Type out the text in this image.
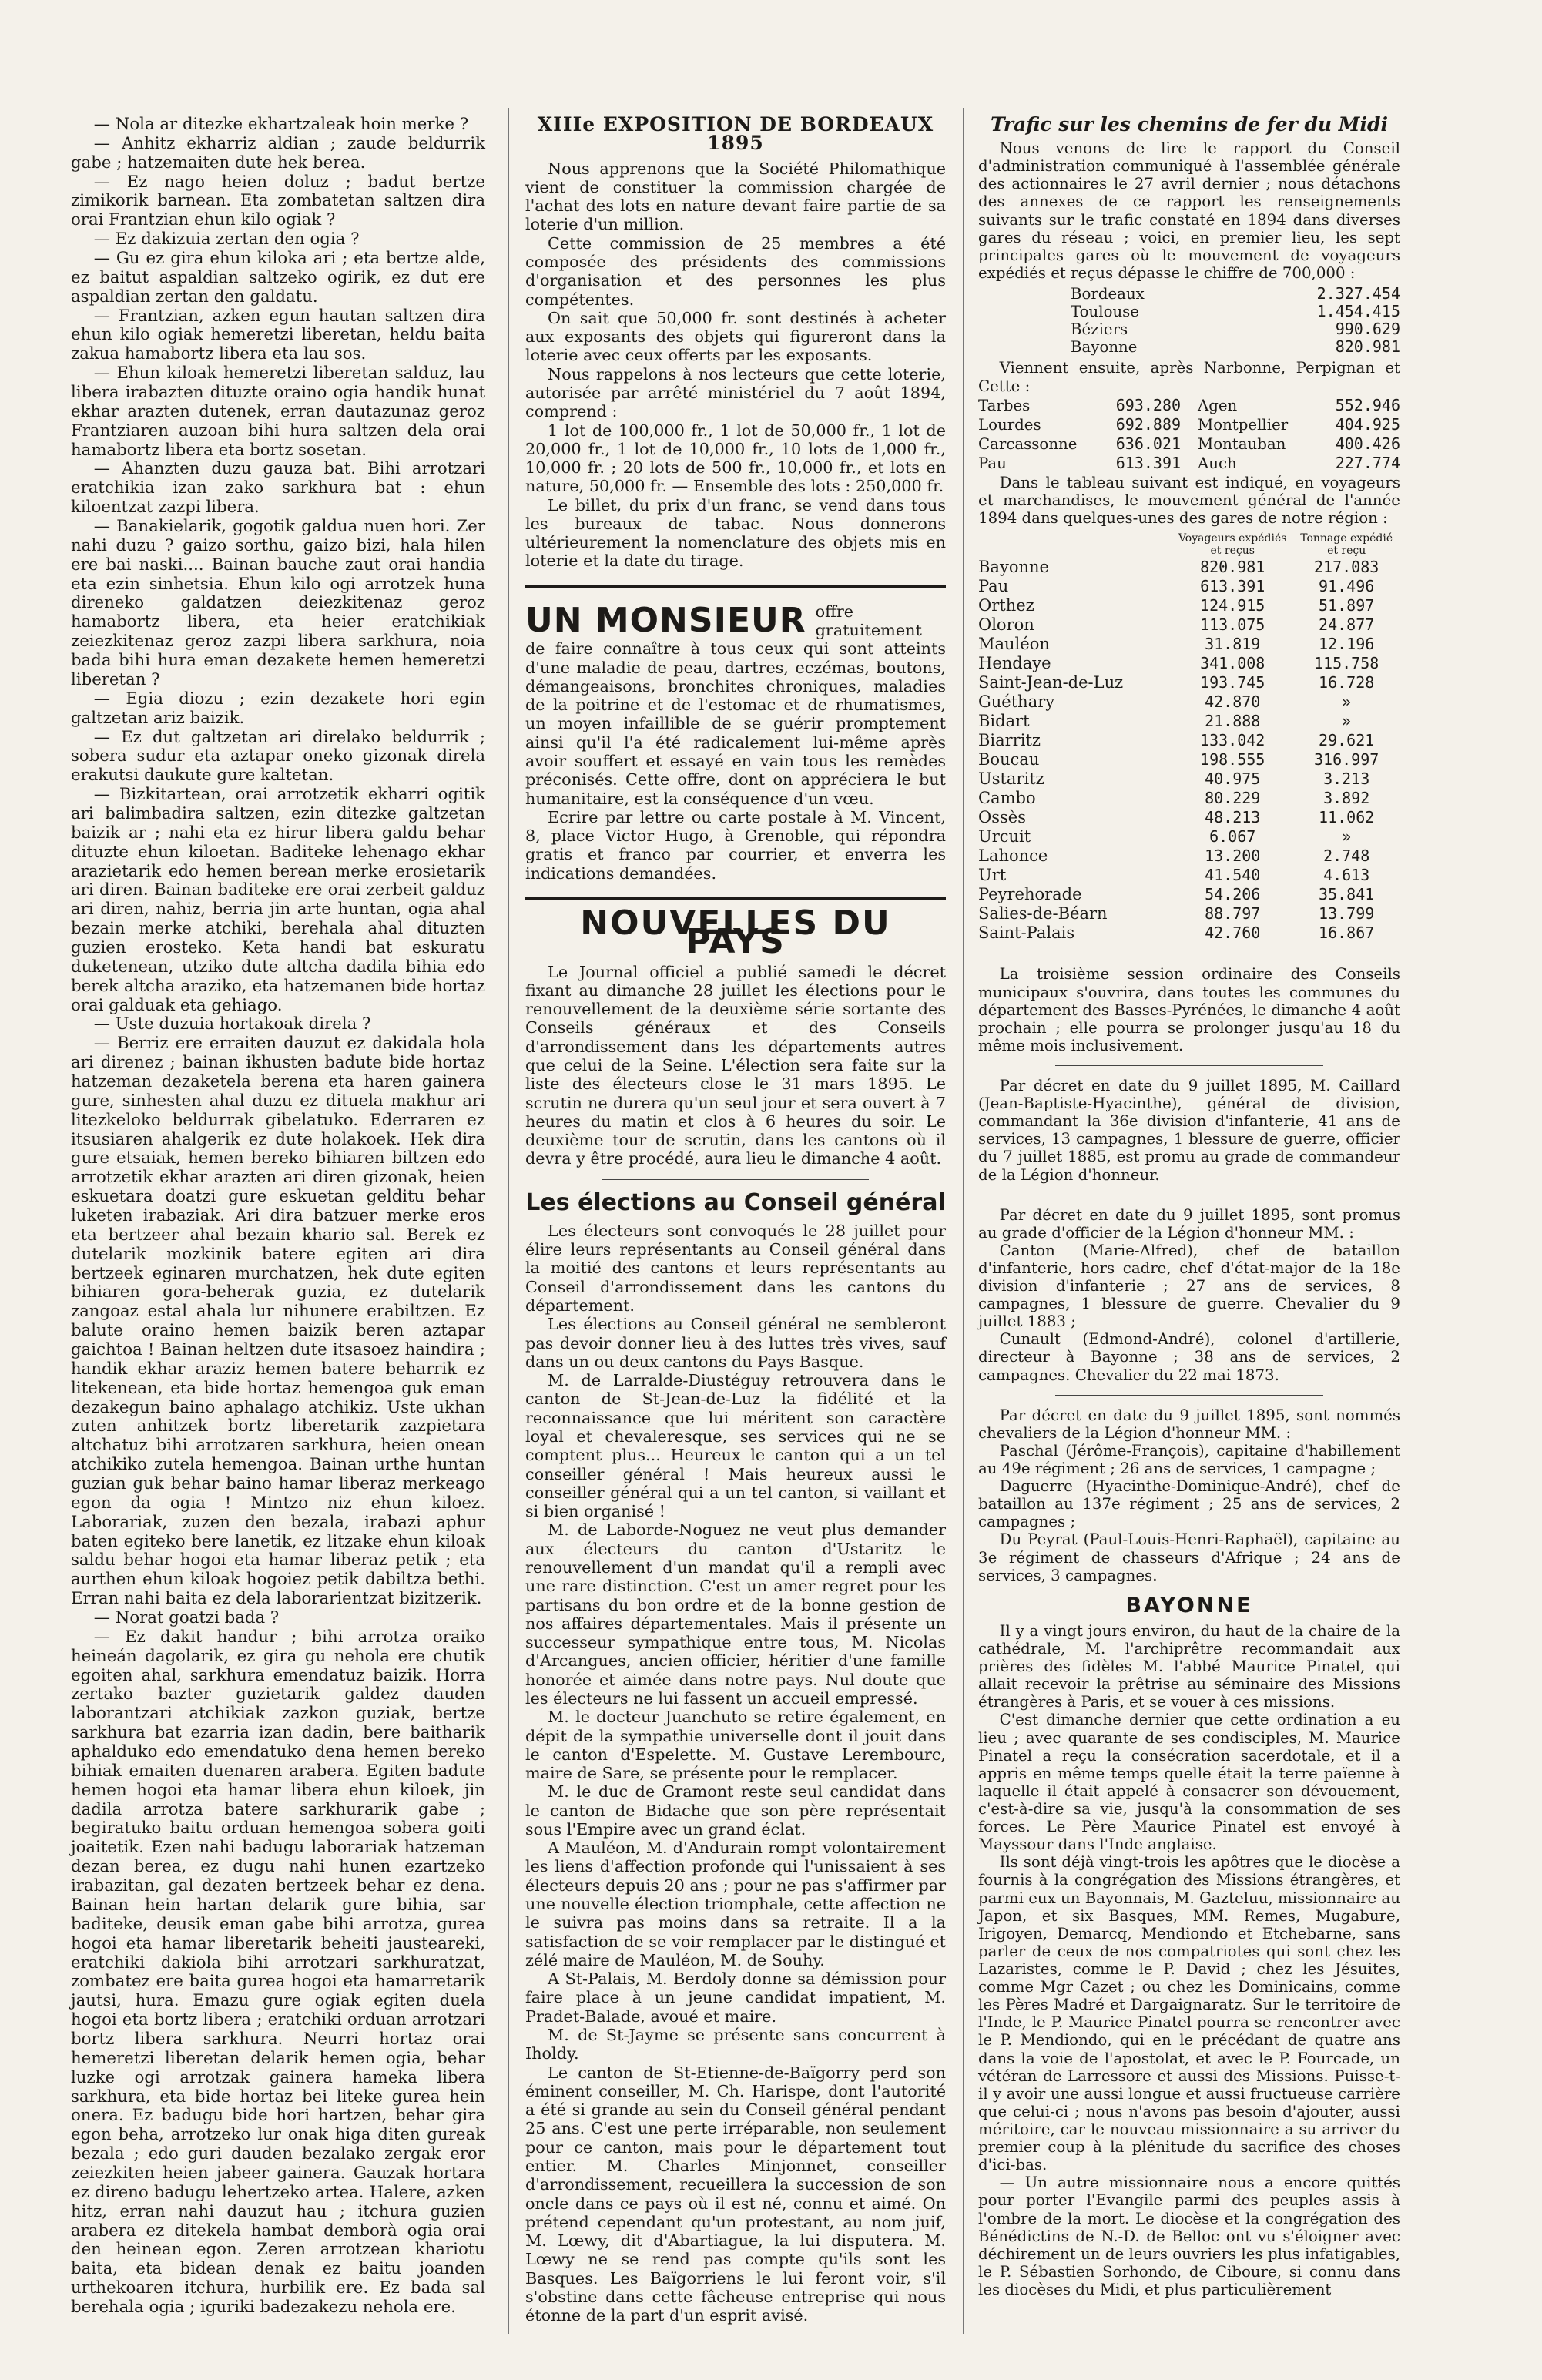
— Nola ar ditezke ekhartzaleak hoin merke ?

— Anhitz ekharriz aldian ; zaude beldurrik gabe ; hatzemaiten dute hek berea.

— Ez nago heien doluz ; badut bertze zimikorik barnean. Eta zombatetan saltzen dira orai Frantzian ehun kilo ogiak ?

— Ez dakizuia zertan den ogia ?

— Gu ez gira ehun kiloka ari ; eta bertze alde, ez baitut aspaldian saltzeko ogirik, ez dut ere aspaldian zertan den galdatu.

— Frantzian, azken egun hautan saltzen dira ehun kilo ogiak hemeretzi liberetan, heldu baita zakua hamabortz libera eta lau sos.

— Ehun kiloak hemeretzi liberetan salduz, lau libera irabazten dituzte oraino ogia handik hunat ekhar arazten dutenek, erran dautazunaz geroz Frantziaren auzoan bihi hura saltzen dela orai hamabortz libera eta bortz sosetan.

— Ahanzten duzu gauza bat. Bihi arrotzari eratchikia izan zako sarkhura bat : ehun kiloentzat zazpi libera.

— Banakielarik, gogotik galdua nuen hori. Zer nahi duzu ? gaizo sorthu, gaizo bizi, hala hilen ere bai naski.... Bainan bauche zaut orai handia eta ezin sinhetsia. Ehun kilo ogi arrotzek huna direneko galdatzen deiezkitenaz geroz hamabortz libera, eta heier eratchikiak zeiezkitenaz geroz zazpi libera sarkhura, noia bada bihi hura eman dezakete hemen hemeretzi liberetan ?

— Egia diozu ; ezin dezakete hori egin galtzetan ariz baizik.

— Ez dut galtzetan ari direlako beldurrik ; sobera sudur eta aztapar oneko gizonak direla erakutsi daukute gure kaltetan.

— Bizkitartean, orai arrotzetik ekharri ogitik ari balimbadira saltzen, ezin ditezke galtzetan baizik ar ; nahi eta ez hirur libera galdu behar dituzte ehun kiloetan. Baditeke lehenago ekhar arazietarik edo hemen berean merke erosietarik ari diren. Bainan baditeke ere orai zerbeit galduz ari diren, nahiz, berria jin arte huntan, ogia ahal bezain merke atchiki, berehala ahal dituzten guzien erosteko. Keta handi bat eskuratu duketenean, utziko dute altcha dadila bihia edo berek altcha araziko, eta hatzemanen bide hortaz orai galduak eta gehiago.

— Uste duzuia hortakoak direla ?

— Berriz ere erraiten dauzut ez dakidala hola ari direnez ; bainan ikhusten badute bide hortaz hatzeman dezaketela berena eta haren gainera gure, sinhesten ahal duzu ez dituela makhur ari litezkeloko beldurrak gibelatuko. Ederraren ez itsusiaren ahalgerik ez dute holakoek. Hek dira gure etsaiak, hemen bereko bihiaren biltzen edo arrotzetik ekhar arazten ari diren gizonak, heien eskuetara doatzi gure eskuetan gelditu behar luketen irabaziak. Ari dira batzuer merke eros eta bertzeer ahal bezain khario sal. Berek ez dutelarik mozkinik batere egiten ari dira bertzeek eginaren murchatzen, hek dute egiten bihiaren gora-beherak guzia, ez dutelarik zangoaz estal ahala lur nihunere erabiltzen. Ez balute oraino hemen baizik beren aztapar gaichtoa ! Bainan heltzen dute itsasoez haindira ; handik ekhar araziz hemen batere beharrik ez litekenean, eta bide hortaz hemengoa guk eman dezakegun baino aphalago atchikiz. Uste ukhan zuten anhitzek bortz liberetarik zazpietara altchatuz bihi arrotzaren sarkhura, heien onean atchikiko zutela hemengoa. Bainan urthe huntan guzian guk behar baino hamar liberaz merkeago egon da ogia ! Mintzo niz ehun kiloez. Laborariak, zuzen den bezala, irabazi aphur baten egiteko bere lanetik, ez litzake ehun kiloak saldu behar hogoi eta hamar liberaz petik ; eta aurthen ehun kiloak hogoiez petik dabiltza bethi. Erran nahi baita ez dela laborarientzat bizitzerik.

— Norat goatzi bada ?

— Ez dakit handur ; bihi arrotza oraiko heineán dagolarik, ez gira gu nehola ere chutik egoiten ahal, sarkhura emendatuz baizik. Horra zertako bazter guzietarik galdez dauden laborantzari atchikiak zazkon guziak, bertze sarkhura bat ezarria izan dadin, bere baitharik aphalduko edo emendatuko dena hemen bereko bihiak emaiten duenaren arabera. Egiten badute hemen hogoi eta hamar libera ehun kiloek, jin dadila arrotza batere sarkhurarik gabe ; begiratuko baitu orduan hemengoa sobera goiti joaitetik. Ezen nahi badugu laborariak hatzeman dezan berea, ez dugu nahi hunen ezartzeko irabazitan, gal dezaten bertzeek behar ez dena. Bainan hein hartan delarik gure bihia, sar baditeke, deusik eman gabe bihi arrotza, gurea hogoi eta hamar liberetarik beheiti jausteareki, eratchiki dakiola bihi arrotzari sarkhuratzat, zombatez ere baita gurea hogoi eta hamarretarik jautsi, hura. Emazu gure ogiak egiten duela hogoi eta bortz libera ; eratchiki orduan arrotzari bortz libera sarkhura. Neurri hortaz orai hemeretzi liberetan delarik hemen ogia, behar luzke ogi arrotzak gainera hameka libera sarkhura, eta bide hortaz bei liteke gurea hein onera. Ez badugu bide hori hartzen, behar gira egon beha, arrotzeko lur onak higa diten gureak bezala ; edo guri dauden bezalako zergak eror zeiezkiten heien jabeer gainera. Gauzak hortara ez direno badugu lehertzeko artea. Halere, azken hitz, erran nahi dauzut hau ; itchura guzien arabera ez ditekela hambat demborà ogia orai den heinean egon. Zeren arrotzean khariotu baita, eta bidean denak ez baitu joanden urthekoaren itchura, hurbilik ere. Ez bada sal berehala ogia ; iguriki badezakezu nehola ere.

XIIIe EXPOSITION DE BORDEAUX 1895

Nous apprenons que la Société Philomathique vient de constituer la commission chargée de l'achat des lots en nature devant faire partie de sa loterie d'un million.

Cette commission de 25 membres a été composée des présidents des commissions d'organisation et des personnes les plus compétentes.

On sait que 50,000 fr. sont destinés à acheter aux exposants des objets qui figureront dans la loterie avec ceux offerts par les exposants.

Nous rappelons à nos lecteurs que cette loterie, autorisée par arrêté ministériel du 7 août 1894, comprend :

1 lot de 100,000 fr., 1 lot de 50,000 fr., 1 lot de 20,000 fr., 1 lot de 10,000 fr., 10 lots de 1,000 fr., 10,000 fr. ; 20 lots de 500 fr., 10,000 fr., et lots en nature, 50,000 fr. — Ensemble des lots : 250,000 fr.

Le billet, du prix d'un franc, se vend dans tous les bureaux de tabac. Nous donnerons ultérieurement la nomenclature des objets mis en loterie et la date du tirage.

UN MONSIEUR offre gratuitement de faire connaître à tous ceux qui sont atteints d'une maladie de peau, dartres, eczémas, boutons, démangeaisons, bronchites chroniques, maladies de la poitrine et de l'estomac et de rhumatismes, un moyen infaillible de se guérir promptement ainsi qu'il l'a été radicalement lui-même après avoir souffert et essayé en vain tous les remèdes préconisés. Cette offre, dont on appréciera le but humanitaire, est la conséquence d'un vœu.

Ecrire par lettre ou carte postale à M. Vincent, 8, place Victor Hugo, à Grenoble, qui répondra gratis et franco par courrier, et enverra les indications demandées.

NOUVELLES DU PAYS

Le Journal officiel a publié samedi le décret fixant au dimanche 28 juillet les élections pour le renouvellement de la deuxième série sortante des Conseils généraux et des Conseils d'arrondissement dans les départements autres que celui de la Seine. L'élection sera faite sur la liste des électeurs close le 31 mars 1895. Le scrutin ne durera qu'un seul jour et sera ouvert à 7 heures du matin et clos à 6 heures du soir. Le deuxième tour de scrutin, dans les cantons où il devra y être procédé, aura lieu le dimanche 4 août.

Les élections au Conseil général

Les électeurs sont convoqués le 28 juillet pour élire leurs représentants au Conseil général dans la moitié des cantons et leurs représentants au Conseil d'arrondissement dans les cantons du département.

Les élections au Conseil général ne sembleront pas devoir donner lieu à des luttes très vives, sauf dans un ou deux cantons du Pays Basque.

M. de Larralde-Diustéguy retrouvera dans le canton de St-Jean-de-Luz la fidélité et la reconnaissance que lui méritent son caractère loyal et chevaleresque, ses services qui ne se comptent plus... Heureux le canton qui a un tel conseiller général ! Mais heureux aussi le conseiller général qui a un tel canton, si vaillant et si bien organisé !

M. de Laborde-Noguez ne veut plus demander aux électeurs du canton d'Ustaritz le renouvellement d'un mandat qu'il a rempli avec une rare distinction. C'est un amer regret pour les partisans du bon ordre et de la bonne gestion de nos affaires départementales. Mais il présente un successeur sympathique entre tous, M. Nicolas d'Arcangues, ancien officier, héritier d'une famille honorée et aimée dans notre pays. Nul doute que les électeurs ne lui fassent un accueil empressé.

M. le docteur Juanchuto se retire également, en dépit de la sympathie universelle dont il jouit dans le canton d'Espelette. M. Gustave Lerembourc, maire de Sare, se présente pour le remplacer.

M. le duc de Gramont reste seul candidat dans le canton de Bidache que son père représentait sous l'Empire avec un grand éclat.

A Mauléon, M. d'Andurain rompt volontairement les liens d'affection profonde qui l'unissaient à ses électeurs depuis 20 ans ; pour ne pas s'affirmer par une nouvelle élection triomphale, cette affection ne le suivra pas moins dans sa retraite. Il a la satisfaction de se voir remplacer par le distingué et zélé maire de Mauléon, M. de Souhy.

A St-Palais, M. Berdoly donne sa démission pour faire place à un jeune candidat impatient, M. Pradet-Balade, avoué et maire.

M. de St-Jayme se présente sans concurrent à Iholdy.

Le canton de St-Etienne-de-Baïgorry perd son éminent conseiller, M. Ch. Harispe, dont l'autorité a été si grande au sein du Conseil général pendant 25 ans. C'est une perte irréparable, non seulement pour ce canton, mais pour le département tout entier. M. Charles Minjonnet, conseiller d'arrondissement, recueillera la succession de son oncle dans ce pays où il est né, connu et aimé. On prétend cependant qu'un protestant, au nom juif, M. Lœwy, dit d'Abartiague, la lui disputera. M. Lœwy ne se rend pas compte qu'ils sont les Basques. Les Baïgorriens le lui feront voir, s'il s'obstine dans cette fâcheuse entreprise qui nous étonne de la part d'un esprit avisé.

Trafic sur les chemins de fer du Midi

Nous venons de lire le rapport du Conseil d'administration communiqué à l'assemblée générale des actionnaires le 27 avril dernier ; nous détachons des annexes de ce rapport les renseignements suivants sur le trafic constaté en 1894 dans diverses gares du réseau ; voici, en premier lieu, les sept principales gares où le mouvement de voyageurs expédiés et reçus dépasse le chiffre de 700,000 :

Bordeaux	2.327.454
Toulouse	1.454.415
Béziers	990.629
Bayonne	820.981

Viennent ensuite, après Narbonne, Perpignan et Cette :

Tarbes	693.280 Agen	552.946
Lourdes	692.889 Montpellier	404.925
Carcassonne	636.021 Montauban	400.426
Pau	613.391 Auch	227.774

Dans le tableau suivant est indiqué, en voyageurs et marchandises, le mouvement général de l'année 1894 dans quelques-unes des gares de notre région :

	Voyageurs expédiés et reçus	Tonnage expédié et reçu
Bayonne	820.981	217.083
Pau	613.391	91.496
Orthez	124.915	51.897
Oloron	113.075	24.877
Mauléon	31.819	12.196
Hendaye	341.008	115.758
Saint-Jean-de-Luz	193.745	16.728
Guéthary	42.870	»
Bidart	21.888	»
Biarritz	133.042	29.621
Boucau	198.555	316.997
Ustaritz	40.975	3.213
Cambo	80.229	3.892
Ossès	48.213	11.062
Urcuit	6.067	»
Lahonce	13.200	2.748
Urt	41.540	4.613
Peyrehorade	54.206	35.841
Salies-de-Béarn	88.797	13.799
Saint-Palais	42.760	16.867

La troisième session ordinaire des Conseils municipaux s'ouvrira, dans toutes les communes du département des Basses-Pyrénées, le dimanche 4 août prochain ; elle pourra se prolonger jusqu'au 18 du même mois inclusivement.

Par décret en date du 9 juillet 1895, M. Caillard (Jean-Baptiste-Hyacinthe), général de division, commandant la 36e division d'infanterie, 41 ans de services, 13 campagnes, 1 blessure de guerre, officier du 7 juillet 1885, est promu au grade de commandeur de la Légion d'honneur.

Par décret en date du 9 juillet 1895, sont promus au grade d'officier de la Légion d'honneur MM. :

Canton (Marie-Alfred), chef de bataillon d'infanterie, hors cadre, chef d'état-major de la 18e division d'infanterie ; 27 ans de services, 8 campagnes, 1 blessure de guerre. Chevalier du 9 juillet 1883 ;

Cunault (Edmond-André), colonel d'artillerie, directeur à Bayonne ; 38 ans de services, 2 campagnes. Chevalier du 22 mai 1873.

Par décret en date du 9 juillet 1895, sont nommés chevaliers de la Légion d'honneur MM. :

Paschal (Jérôme-François), capitaine d'habillement au 49e régiment ; 26 ans de services, 1 campagne ;

Daguerre (Hyacinthe-Dominique-André), chef de bataillon au 137e régiment ; 25 ans de services, 2 campagnes ;

Du Peyrat (Paul-Louis-Henri-Raphaël), capitaine au 3e régiment de chasseurs d'Afrique ; 24 ans de services, 3 campagnes.

BAYONNE

Il y a vingt jours environ, du haut de la chaire de la cathédrale, M. l'archiprêtre recommandait aux prières des fidèles M. l'abbé Maurice Pinatel, qui allait recevoir la prêtrise au séminaire des Missions étrangères à Paris, et se vouer à ces missions.

C'est dimanche dernier que cette ordination a eu lieu ; avec quarante de ses condisciples, M. Maurice Pinatel a reçu la consécration sacerdotale, et il a appris en même temps quelle était la terre païenne à laquelle il était appelé à consacrer son dévouement, c'est-à-dire sa vie, jusqu'à la consommation de ses forces. Le Père Maurice Pinatel est envoyé à Mayssour dans l'Inde anglaise.

Ils sont déjà vingt-trois les apôtres que le diocèse a fournis à la congrégation des Missions étrangères, et parmi eux un Bayonnais, M. Gazteluu, missionnaire au Japon, et six Basques, MM. Remes, Mugabure, Irigoyen, Demarcq, Mendiondo et Etchebarne, sans parler de ceux de nos compatriotes qui sont chez les Lazaristes, comme le P. David ; chez les Jésuites, comme Mgr Cazet ; ou chez les Dominicains, comme les Pères Madré et Dargaignaratz. Sur le territoire de l'Inde, le P. Maurice Pinatel pourra se rencontrer avec le P. Mendiondo, qui en le précédant de quatre ans dans la voie de l'apostolat, et avec le P. Fourcade, un vétéran de Larressore et aussi des Missions. Puisse-t-il y avoir une aussi longue et aussi fructueuse carrière que celui-ci ; nous n'avons pas besoin d'ajouter, aussi méritoire, car le nouveau missionnaire a su arriver du premier coup à la plénitude du sacrifice des choses d'ici-bas.

— Un autre missionnaire nous a encore quittés pour porter l'Evangile parmi des peuples assis à l'ombre de la mort. Le diocèse et la congrégation des Bénédictins de N.-D. de Belloc ont vu s'éloigner avec déchirement un de leurs ouvriers les plus infatigables, le P. Sébastien Sorhondo, de Ciboure, si connu dans les diocèses du Midi, et plus particulièrement
